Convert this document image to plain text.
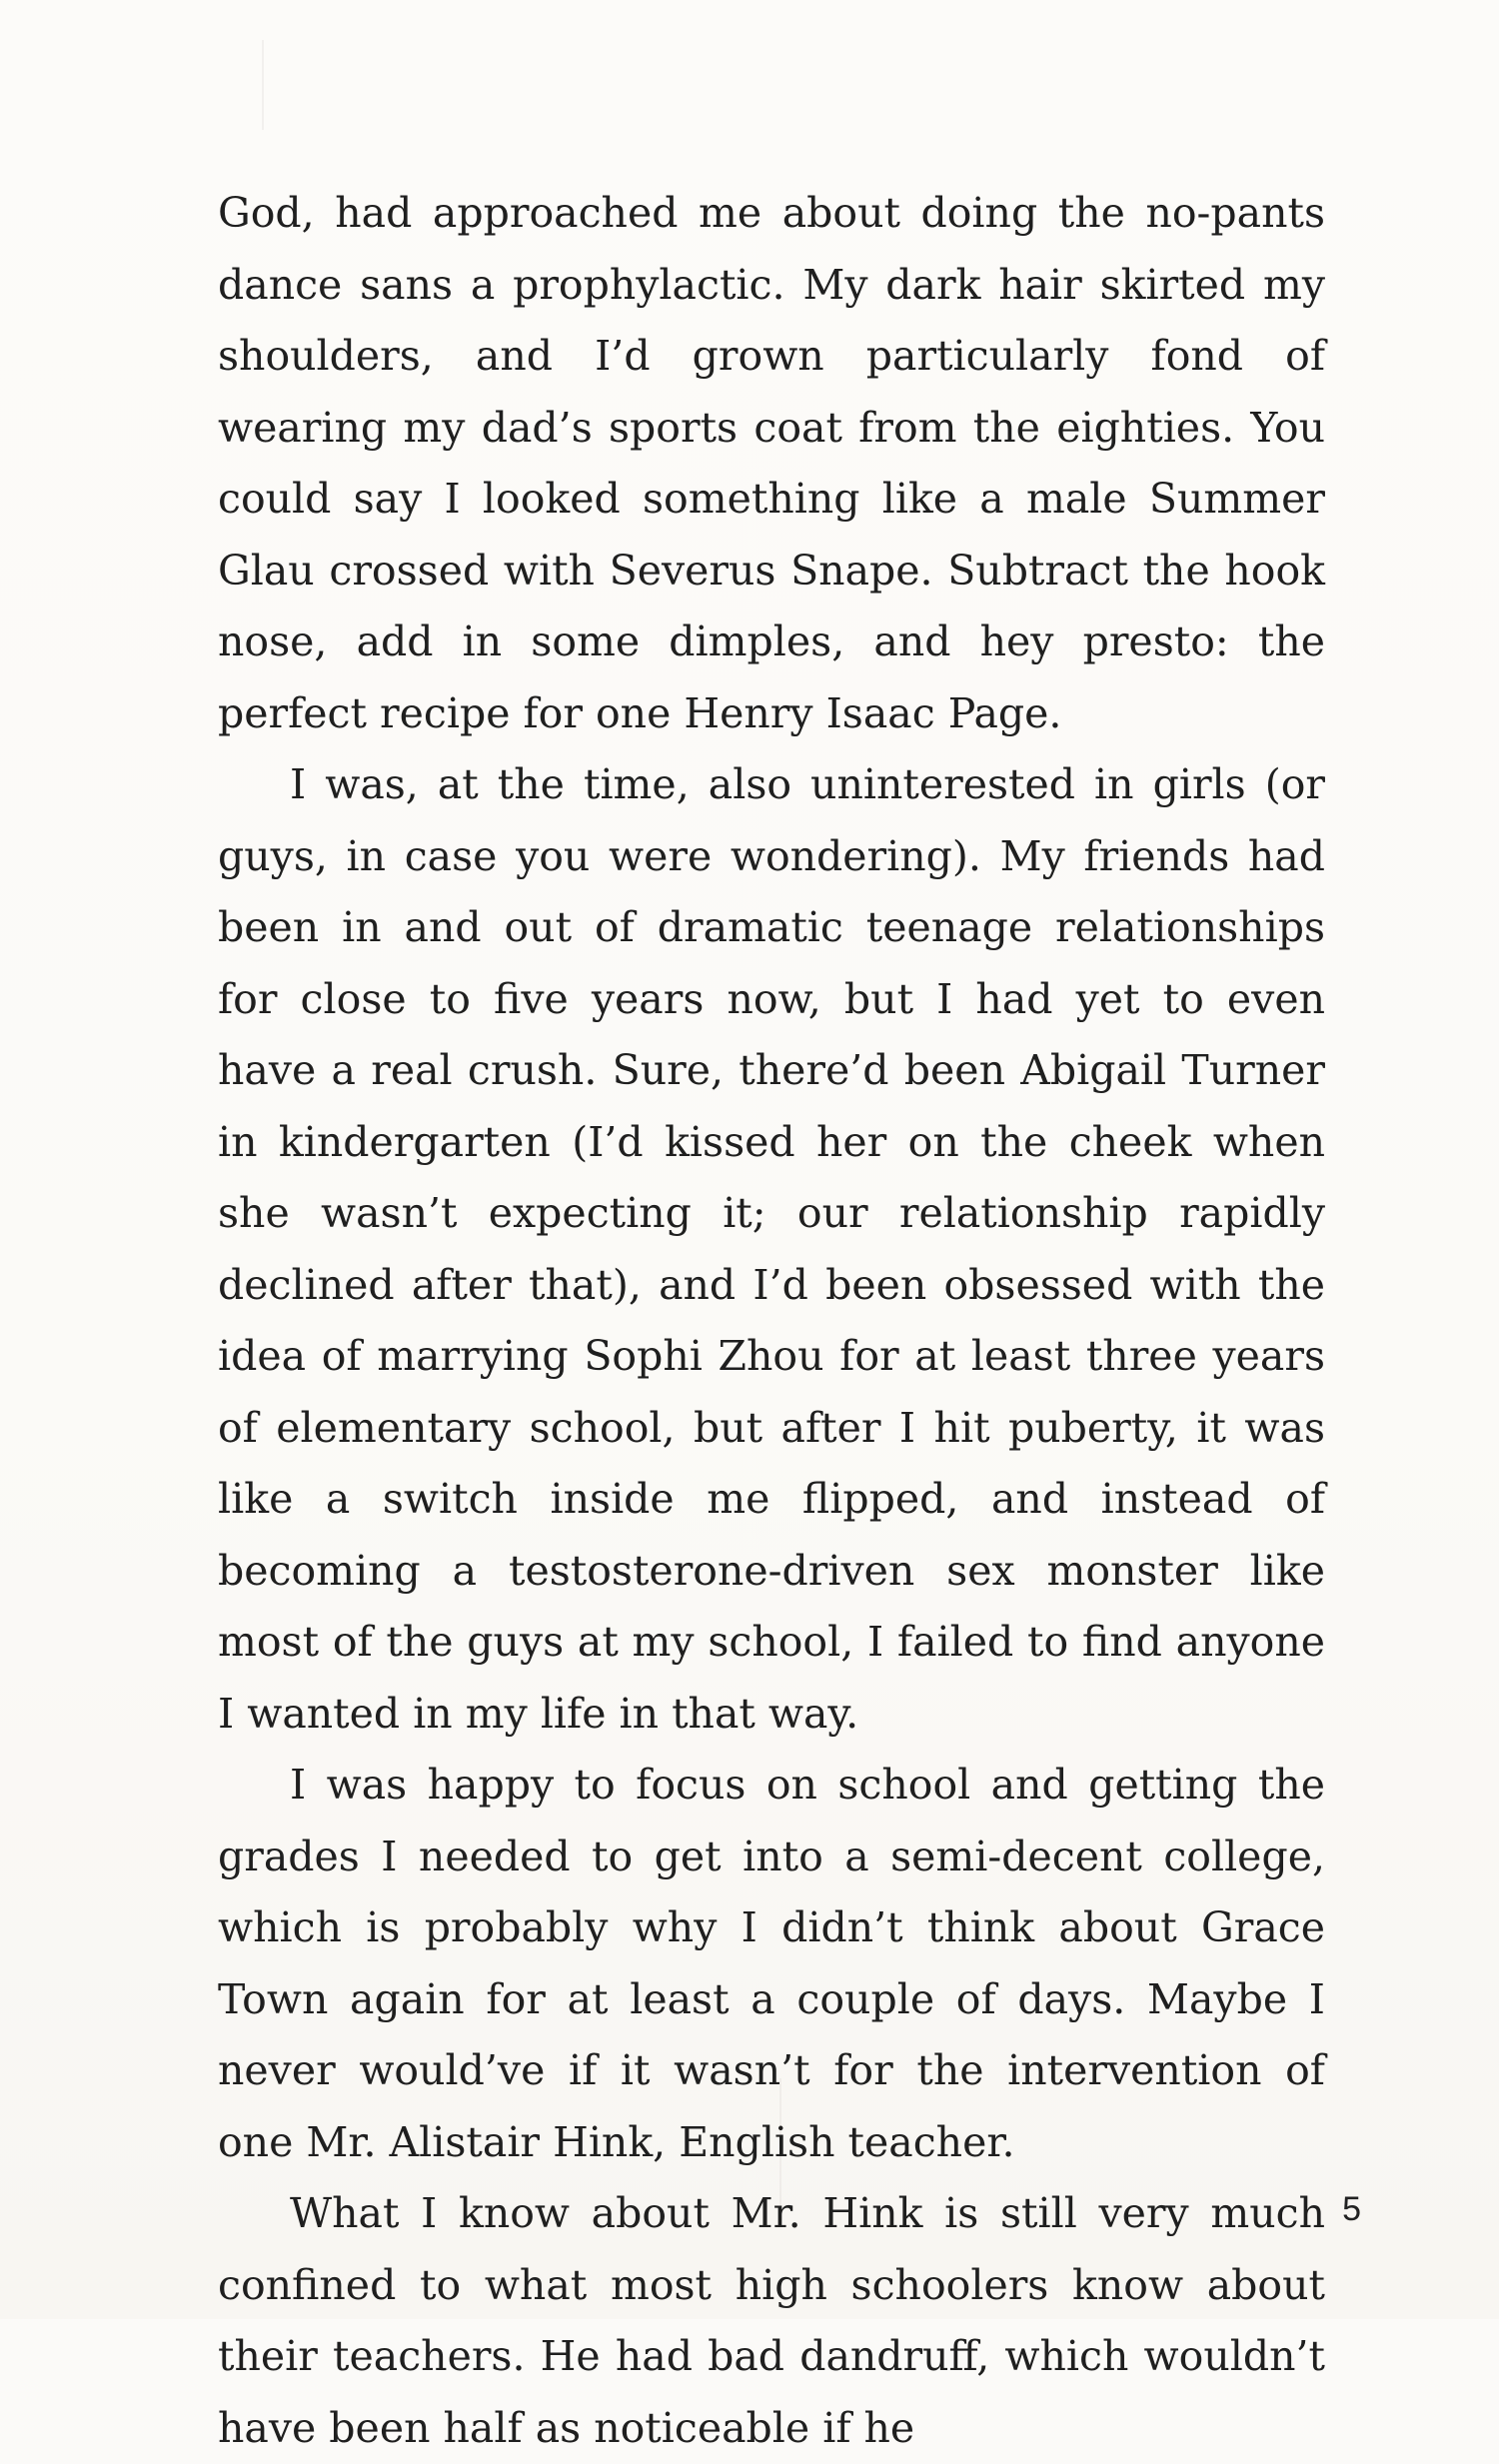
God, had approached me about doing the no-pants dance sans a prophylactic. My dark hair skirted my shoulders, and I’d grown particularly fond of wearing my dad’s sports coat from the eighties. You could say I looked something like a male Summer Glau crossed with Severus Snape. Subtract the hook nose, add in some dimples, and hey presto: the perfect recipe for one Henry Isaac Page.

I was, at the time, also uninterested in girls (or guys, in case you were wondering). My friends had been in and out of dramatic teenage relationships for close to five years now, but I had yet to even have a real crush. Sure, there’d been Abigail Turner in kindergarten (I’d kissed her on the cheek when she wasn’t expecting it; our relationship rapidly declined after that), and I’d been obsessed with the idea of marrying Sophi Zhou for at least three years of elementary school, but after I hit puberty, it was like a switch inside me flipped, and instead of becoming a testosterone-driven sex monster like most of the guys at my school, I failed to find anyone I wanted in my life in that way.

I was happy to focus on school and getting the grades I needed to get into a semi-decent college, which is probably why I didn’t think about Grace Town again for at least a couple of days. Maybe I never would’ve if it wasn’t for the intervention of one Mr. Alistair Hink, English teacher.

What I know about Mr. Hink is still very much confined to what most high schoolers know about their teachers. He had bad dandruff, which wouldn’t have been half as noticeable if he

5
